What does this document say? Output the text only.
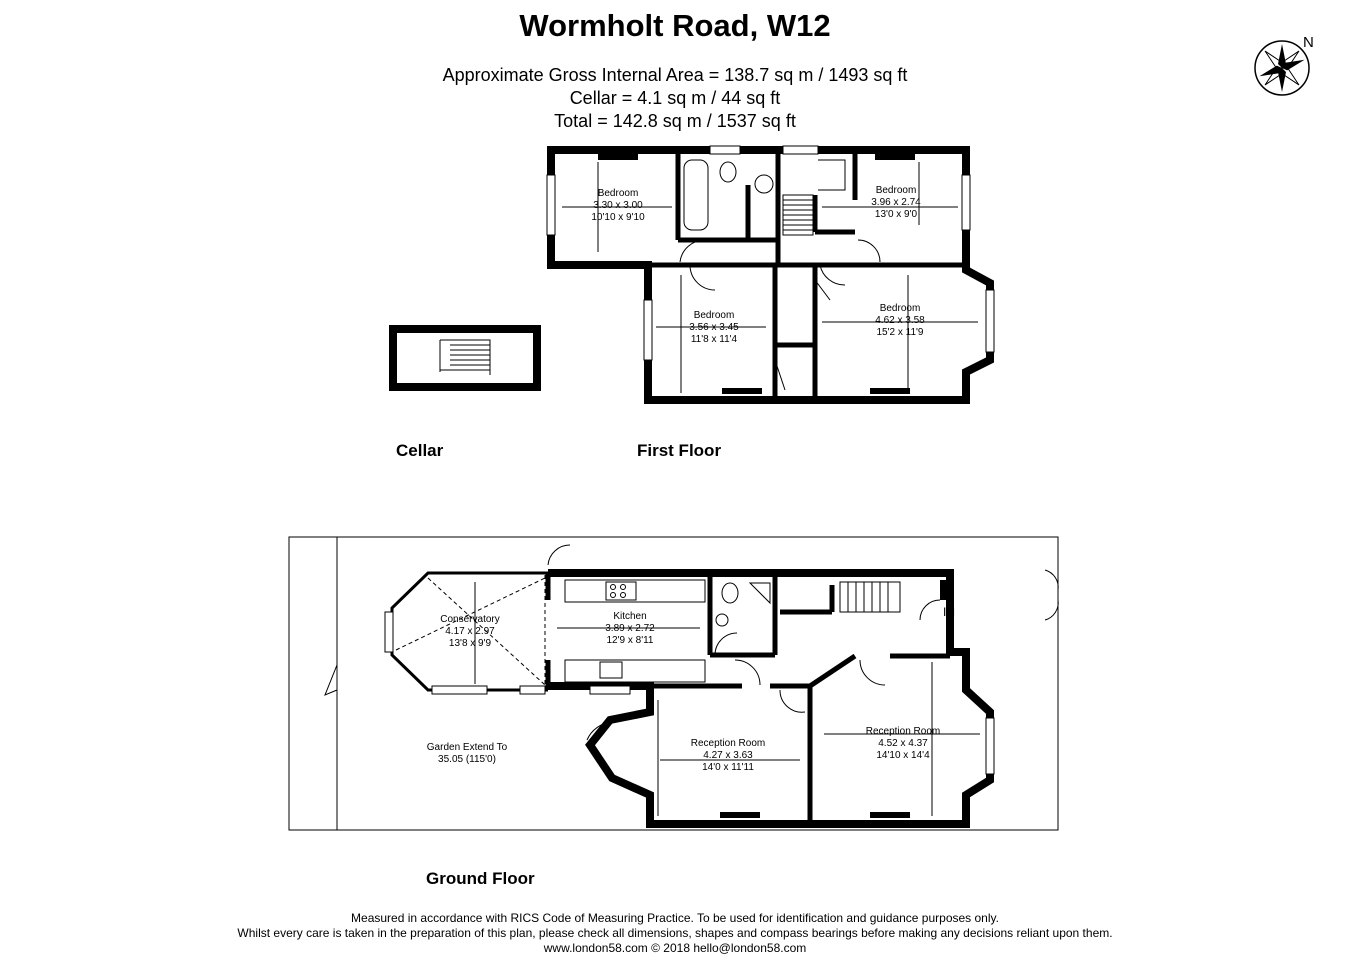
Wormholt Road, W12
Approximate Gross Internal Area = 138.7 sq m / 1493 sq ft
Cellar = 4.1 sq m / 44 sq ft
Total = 142.8 sq m / 1537 sq ft
N
Cellar	First Floor
Ground Floor
Bedroom
3.30 x 3.00
10'10 x 9'10
Bedroom
3.96 x 2.74
13'0 x 9'0
Bedroom
3.56 x 3.45
11'8 x 11'4
Bedroom
4.62 x 3.58
15'2 x 11'9
Conservatory
4.17 x 2.97
13'8 x 9'9
Kitchen
3.89 x 2.72
12'9 x 8'11
Reception Room
4.27 x 3.63
14'0 x 11'11
Reception Room
4.52 x 4.37
14'10 x 14'4
Garden Extend To
35.05 (115'0)
IN
Measured in accordance with RICS Code of Measuring Practice. To be used for identification and guidance purposes only.
Whilst every care is taken in the preparation of this plan, please check all dimensions, shapes and compass bearings before making any decisions reliant upon them.
www.london58.com © 2018 hello@london58.com
